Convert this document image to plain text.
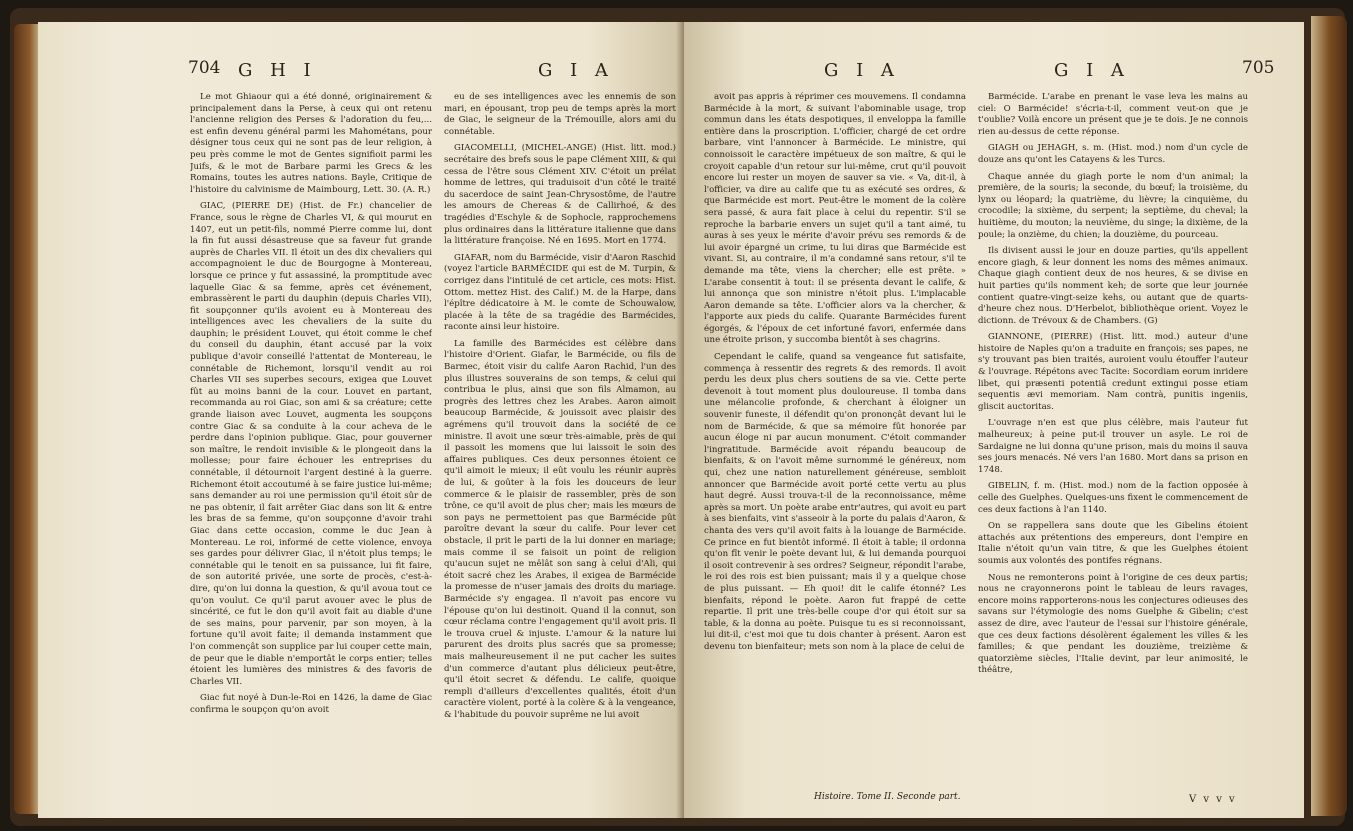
704 G H I	G I A

Le mot Ghiaour qui a été donné, originairement & principalement dans la Perse, à ceux qui ont retenu l'ancienne religion des Perses & l'adoration du feu,... est enfin devenu général parmi les Mahométans, pour désigner tous ceux qui ne sont pas de leur religion, à peu près comme le mot de Gentes signifioit parmi les Juifs, & le mot de Barbare parmi les Grecs & les Romains, toutes les autres nations. Bayle, Critique de l'histoire du calvinisme de Maimbourg, Lett. 30. (A. R.)

GIAC, (PIERRE DE) (Hist. de Fr.) chancelier de France, sous le règne de Charles VI, & qui mourut en 1407, eut un petit-fils, nommé Pierre comme lui, dont la fin fut aussi désastreuse que sa faveur fut grande auprès de Charles VII. Il étoit un des dix chevaliers qui accompagnoient le duc de Bourgogne à Montereau, lorsque ce prince y fut assassiné, la promptitude avec laquelle Giac & sa femme, après cet événement, embrassèrent le parti du dauphin (depuis Charles VII), fit soupçonner qu'ils avoient eu à Montereau des intelligences avec les chevaliers de la suite du dauphin; le président Louvet, qui étoit comme le chef du conseil du dauphin, étant accusé par la voix publique d'avoir conseillé l'attentat de Montereau, le connétable de Richemont, lorsqu'il vendit au roi Charles VII ses superbes secours, exigea que Louvet fût au moins banni de la cour. Louvet en partant, recommanda au roi Giac, son ami & sa créature; cette grande liaison avec Louvet, augmenta les soupçons contre Giac & sa conduite à la cour acheva de le perdre dans l'opinion publique. Giac, pour gouverner son maître, le rendoit invisible & le plongeoit dans la mollesse; pour faire échouer les entreprises du connétable, il détournoit l'argent destiné à la guerre. Richemont étoit accoutumé à se faire justice lui-même; sans demander au roi une permission qu'il étoit sûr de ne pas obtenir, il fait arrêter Giac dans son lit & entre les bras de sa femme, qu'on soupçonne d'avoir trahi Giac dans cette occasion, comme le duc Jean à Montereau. Le roi, informé de cette violence, envoya ses gardes pour délivrer Giac, il n'étoit plus temps; le connétable qui le tenoit en sa puissance, lui fit faire, de son autorité privée, une sorte de procès, c'est-à-dire, qu'on lui donna la question, & qu'il avoua tout ce qu'on voulut. Ce qu'il parut avouer avec le plus de sincérité, ce fut le don qu'il avoit fait au diable d'une de ses mains, pour parvenir, par son moyen, à la fortune qu'il avoit faite; il demanda instamment que l'on commençât son supplice par lui couper cette main, de peur que le diable n'emportât le corps entier; telles étoient les lumières des ministres & des favoris de Charles VII.

Giac fut noyé à Dun-le-Roi en 1426, la dame de Giac confirma le soupçon qu'on avoit

eu de ses intelligences avec les ennemis de son mari, en épousant, trop peu de temps après la mort de Giac, le seigneur de la Trémouille, alors ami du connétable.

GIACOMELLI, (MICHEL-ANGE) (Hist. litt. mod.) secrétaire des brefs sous le pape Clément XIII, & qui cessa de l'être sous Clément XIV. C'étoit un prélat homme de lettres, qui traduisoit d'un côté le traité du sacerdoce de saint Jean-Chrysostôme, de l'autre les amours de Chereas & de Callirhoé, & des tragédies d'Eschyle & de Sophocle, rapprochemens plus ordinaires dans la littérature italienne que dans la littérature françoise. Né en 1695. Mort en 1774.

GIAFAR, nom du Barmécide, visir d'Aaron Raschid (voyez l'article BARMÉCIDE qui est de M. Turpin, & corrigez dans l'intitulé de cet article, ces mots: Hist. Ottom. mettez Hist. des Calif.) M. de la Harpe, dans l'épître dédicatoire à M. le comte de Schouwalow, placée à la tête de sa tragédie des Barmécides, raconte ainsi leur histoire.

La famille des Barmécides est célèbre dans l'histoire d'Orient. Giafar, le Barmécide, ou fils de Barmec, étoit visir du calife Aaron Rachid, l'un des plus illustres souverains de son temps, & celui qui contribua le plus, ainsi que son fils Almamon, au progrès des lettres chez les Arabes. Aaron aimoit beaucoup Barmécide, & jouissoit avec plaisir des agrémens qu'il trouvoit dans la société de ce ministre. Il avoit une sœur très-aimable, près de qui il passoit les momens que lui laissoit le soin des affaires publiques. Ces deux personnes étoient ce qu'il aimoit le mieux; il eût voulu les réunir auprès de lui, & goûter à la fois les douceurs de leur commerce & le plaisir de rassembler, près de son trône, ce qu'il avoit de plus cher; mais les mœurs de son pays ne permettoient pas que Barmécide pût paroître devant la sœur du calife. Pour lever cet obstacle, il prit le parti de la lui donner en mariage; mais comme il se faisoit un point de religion qu'aucun sujet ne mêlât son sang à celui d'Ali, qui étoit sacré chez les Arabes, il exigea de Barmécide la promesse de n'user jamais des droits du mariage. Barmécide s'y engagea. Il n'avoit pas encore vu l'épouse qu'on lui destinoit. Quand il la connut, son cœur réclama contre l'engagement qu'il avoit pris. Il le trouva cruel & injuste. L'amour & la nature lui parurent des droits plus sacrés que sa promesse; mais malheureusement il ne put cacher les suites d'un commerce d'autant plus délicieux peut-être, qu'il étoit secret & défendu. Le calife, quoique rempli d'ailleurs d'excellentes qualités, étoit d'un caractère violent, porté à la colère & à la vengeance, & l'habitude du pouvoir suprême ne lui avoit

G I A	G I A	705

avoit pas appris à réprimer ces mouvemens. Il condamna Barmécide à la mort, & suivant l'abominable usage, trop commun dans les états despotiques, il enveloppa la famille entière dans la proscription. L'officier, chargé de cet ordre barbare, vint l'annoncer à Barmécide. Le ministre, qui connoissoit le caractère impétueux de son maître, & qui le croyoit capable d'un retour sur lui-même, crut qu'il pouvoit encore lui rester un moyen de sauver sa vie. « Va, dit-il, à l'officier, va dire au calife que tu as exécuté ses ordres, & que Barmécide est mort. Peut-être le moment de la colère sera passé, & aura fait place à celui du repentir. S'il se reproche la barbarie envers un sujet qu'il a tant aimé, tu auras à ses yeux le mérite d'avoir prévu ses remords & de lui avoir épargné un crime, tu lui diras que Barmécide est vivant. Si, au contraire, il m'a condamné sans retour, s'il te demande ma tête, viens la chercher; elle est prête. » L'arabe consentit à tout: il se présenta devant le calife, & lui annonça que son ministre n'étoit plus. L'implacable Aaron demande sa tête. L'officier alors va la chercher, & l'apporte aux pieds du calife. Quarante Barmécides furent égorgés, & l'époux de cet infortuné favori, enfermée dans une étroite prison, y succomba bientôt à ses chagrins.

Cependant le calife, quand sa vengeance fut satisfaite, commença à ressentir des regrets & des remords. Il avoit perdu les deux plus chers soutiens de sa vie. Cette perte devenoit à tout moment plus douloureuse. Il tomba dans une mélancolie profonde, & cherchant à éloigner un souvenir funeste, il défendit qu'on prononçât devant lui le nom de Barmécide, & que sa mémoire fût honorée par aucun éloge ni par aucun monument. C'étoit commander l'ingratitude. Barmécide avoit répandu beaucoup de bienfaits, & on l'avoit même surnommé le généreux, nom qui, chez une nation naturellement généreuse, sembloit annoncer que Barmécide avoit porté cette vertu au plus haut degré. Aussi trouva-t-il de la reconnoissance, même après sa mort. Un poète arabe entr'autres, qui avoit eu part à ses bienfaits, vint s'asseoir à la porte du palais d'Aaron, & chanta des vers qu'il avoit faits à la louange de Barmécide. Ce prince en fut bientôt informé. Il étoit à table; il ordonna qu'on fît venir le poète devant lui, & lui demanda pourquoi il osoit contrevenir à ses ordres? Seigneur, répondit l'arabe, le roi des rois est bien puissant; mais il y a quelque chose de plus puissant. — Eh quoi! dit le calife étonné? Les bienfaits, répond le poète. Aaron fut frappé de cette repartie. Il prit une très-belle coupe d'or qui étoit sur sa table, & la donna au poète. Puisque tu es si reconnoissant, lui dit-il, c'est moi que tu dois chanter à présent. Aaron est devenu ton bienfaiteur; mets son nom à la place de celui de

Barmécide. L'arabe en prenant le vase leva les mains au ciel: O Barmécide! s'écria-t-il, comment veut-on que je t'oublie? Voilà encore un présent que je te dois. Je ne connois rien au-dessus de cette réponse.

GIAGH ou JEHAGH, s. m. (Hist. mod.) nom d'un cycle de douze ans qu'ont les Catayens & les Turcs.

Chaque année du giagh porte le nom d'un animal; la première, de la souris; la seconde, du bœuf; la troisième, du lynx ou léopard; la quatrième, du lièvre; la cinquième, du crocodile; la sixième, du serpent; la septième, du cheval; la huitième, du mouton; la neuvième, du singe; la dixième, de la poule; la onzième, du chien; la douzième, du pourceau.

Ils divisent aussi le jour en douze parties, qu'ils appellent encore giagh, & leur donnent les noms des mêmes animaux. Chaque giagh contient deux de nos heures, & se divise en huit parties qu'ils nomment keh; de sorte que leur journée contient quatre-vingt-seize kehs, ou autant que de quarts-d'heure chez nous. D'Herbelot, bibliothèque orient. Voyez le dictionn. de Trévoux & de Chambers. (G)

GIANNONE, (PIERRE) (Hist. litt. mod.) auteur d'une histoire de Naples qu'on a traduite en françois; ses papes, ne s'y trouvant pas bien traités, auroient voulu étouffer l'auteur & l'ouvrage. Répétons avec Tacite: Socordiam eorum inridere libet, qui præsenti potentiâ credunt extingui posse etiam sequentis ævi memoriam. Nam contrà, punitis ingeniis, gliscit auctoritas.

L'ouvrage n'en est que plus célèbre, mais l'auteur fut malheureux; à peine put-il trouver un asyle. Le roi de Sardaigne ne lui donna qu'une prison, mais du moins il sauva ses jours menacés. Né vers l'an 1680. Mort dans sa prison en 1748.

GIBELIN, f. m. (Hist. mod.) nom de la faction opposée à celle des Guelphes. Quelques-uns fixent le commencement de ces deux factions à l'an 1140.

On se rappellera sans doute que les Gibelins étoient attachés aux prétentions des empereurs, dont l'empire en Italie n'étoit qu'un vain titre, & que les Guelphes étoient soumis aux volontés des pontifes régnans.

Nous ne remonterons point à l'origine de ces deux partis; nous ne crayonnerons point le tableau de leurs ravages, encore moins rapporterons-nous les conjectures odieuses des savans sur l'étymologie des noms Guelphe & Gibelin; c'est assez de dire, avec l'auteur de l'essai sur l'histoire générale, que ces deux factions désolèrent également les villes & les familles; & que pendant les douzième, treizième & quatorzième siècles, l'Italie devint, par leur animosité, le théâtre,

Histoire. Tome II. Seconde part.	V v v v
